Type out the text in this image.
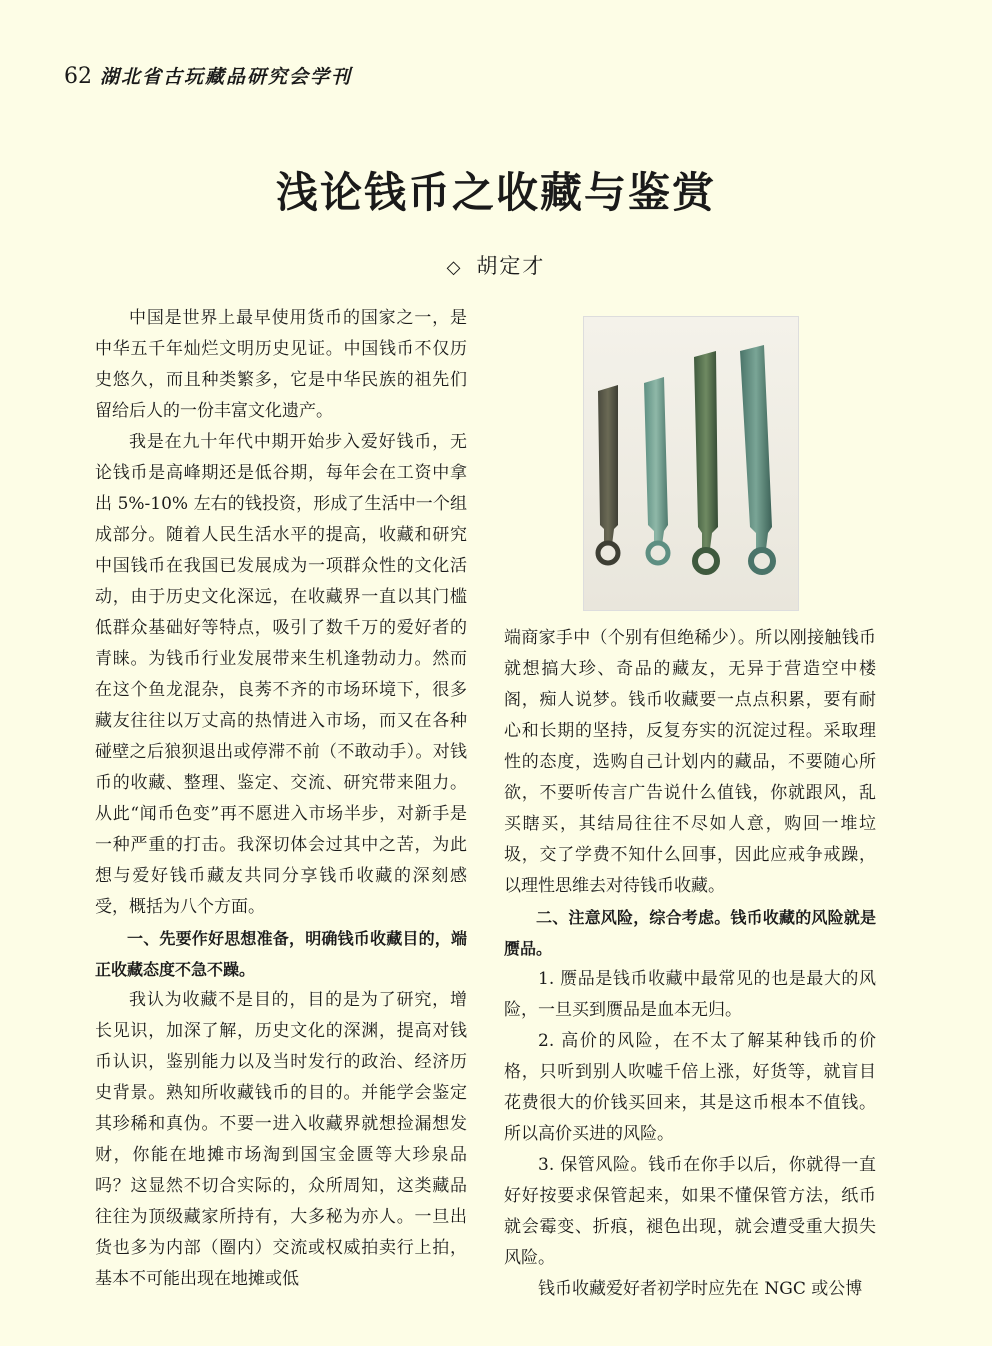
62 湖北省古玩藏品研究会学刊
浅论钱币之收藏与鉴赏
◇ 胡定才

中国是世界上最早使用货币的国家之一，是中华五千年灿烂文明历史见证。中国钱币不仅历史悠久，而且种类繁多，它是中华民族的祖先们留给后人的一份丰富文化遗产。

我是在九十年代中期开始步入爱好钱币，无论钱币是高峰期还是低谷期，每年会在工资中拿出 5%-10% 左右的钱投资，形成了生活中一个组成部分。随着人民生活水平的提高，收藏和研究中国钱币在我国已发展成为一项群众性的文化活动，由于历史文化深远，在收藏界一直以其门槛低群众基础好等特点，吸引了数千万的爱好者的青睐。为钱币行业发展带来生机逢勃动力。然而在这个鱼龙混杂，良莠不齐的市场环境下，很多藏友往往以万丈高的热情进入市场，而又在各种碰壁之后狼狈退出或停滞不前（不敢动手）。对钱币的收藏、整理、鉴定、交流、研究带来阻力。从此“闻币色变”再不愿进入市场半步，对新手是一种严重的打击。我深切体会过其中之苦，为此想与爱好钱币藏友共同分享钱币收藏的深刻感受，概括为八个方面。

一、先要作好思想准备，明确钱币收藏目的，端正收藏态度不急不躁。

我认为收藏不是目的，目的是为了研究，增长见识，加深了解，历史文化的深渊，提高对钱币认识，鉴别能力以及当时发行的政治、经济历史背景。熟知所收藏钱币的目的。并能学会鉴定其珍稀和真伪。不要一进入收藏界就想捡漏想发财，你能在地摊市场淘到国宝金匮等大珍泉品吗？这显然不切合实际的，众所周知，这类藏品往往为顶级藏家所持有，大多秘为亦人。一旦出货也多为内部（圈内）交流或权威拍卖行上拍，基本不可能出现在地摊或低

端商家手中（个别有但绝稀少）。所以刚接触钱币就想搞大珍、奇品的藏友，无异于营造空中楼阁，痴人说梦。钱币收藏要一点点积累，要有耐心和长期的坚持，反复夯实的沉淀过程。采取理性的态度，选购自己计划内的藏品，不要随心所欲，不要听传言广告说什么值钱，你就跟风，乱买瞎买，其结局往往不尽如人意，购回一堆垃圾，交了学费不知什么回事，因此应戒争戒躁，以理性思维去对待钱币收藏。

二、注意风险，综合考虑。钱币收藏的风险就是赝品。

1. 赝品是钱币收藏中最常见的也是最大的风险，一旦买到赝品是血本无归。

2. 高价的风险，在不太了解某种钱币的价格，只听到别人吹嘘千倍上涨，好货等，就盲目花费很大的价钱买回来，其是这币根本不值钱。所以高价买进的风险。

3. 保管风险。钱币在你手以后，你就得一直好好按要求保管起来，如果不懂保管方法，纸币就会霉变、折痕，褪色出现，就会遭受重大损失风险。

钱币收藏爱好者初学时应先在 NGC 或公博
